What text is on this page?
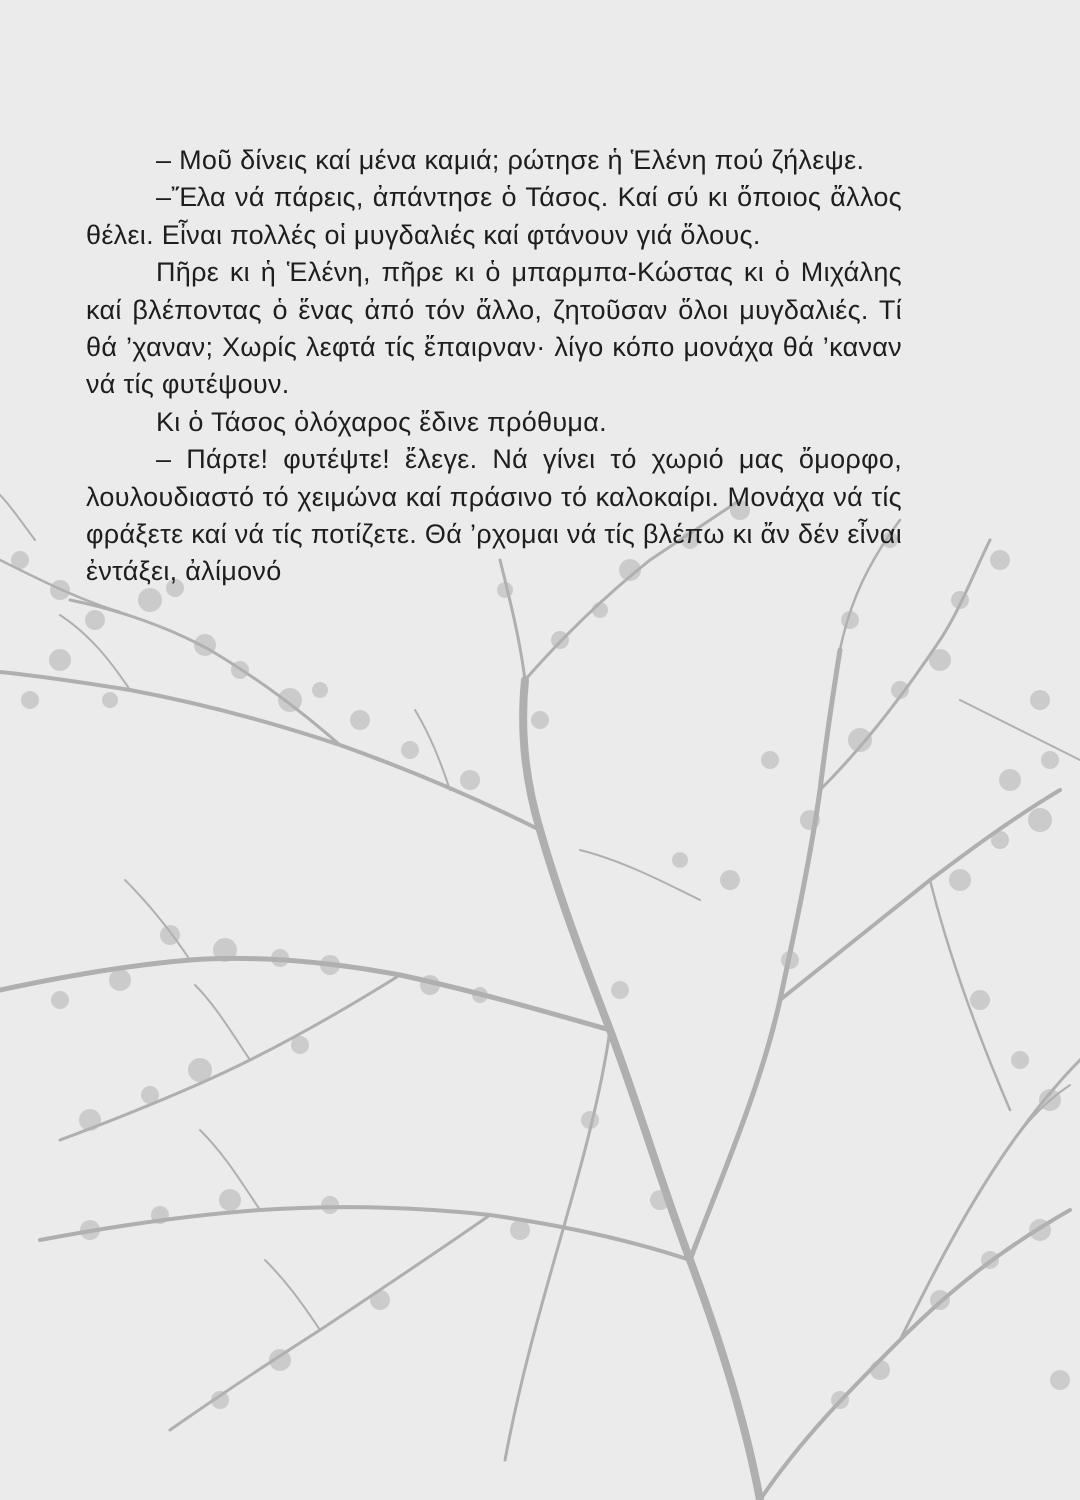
– Μοῦ δίνεις καί μένα καμιά; ρώτησε ἡ Ἑλένη πού ζήλεψε.

–Ἔλα νά πάρεις, ἀπάντησε ὁ Τάσος. Καί σύ κι ὅποιος ἄλλος θέλει. Εἶναι πολλές οἱ μυγδαλιές καί φτάνουν γιά ὅλους.

Πῆρε κι ἡ Ἑλένη, πῆρε κι ὁ μπαρμπα-Κώστας κι ὁ Μιχάλης καί βλέποντας ὁ ἕνας ἀπό τόν ἄλλο, ζητοῦσαν ὅλοι μυγδαλιές. Τί θά ’χαναν; Χωρίς λεφτά τίς ἔπαιρναν· λίγο κόπο μονάχα θά ’καναν νά τίς φυτέψουν.

Κι ὁ Τάσος ὁλόχαρος ἔδινε πρόθυμα.

– Πάρτε! φυτέψτε! ἔλεγε. Νά γίνει τό χωριό μας ὄμορφο, λουλουδιαστό τό χειμώνα καί πράσινο τό καλοκαίρι. Μονάχα νά τίς φράξετε καί νά τίς ποτίζετε. Θά ’ρχομαι νά τίς βλέπω κι ἄν δέν εἶναι ἐντάξει, ἀλίμονό
